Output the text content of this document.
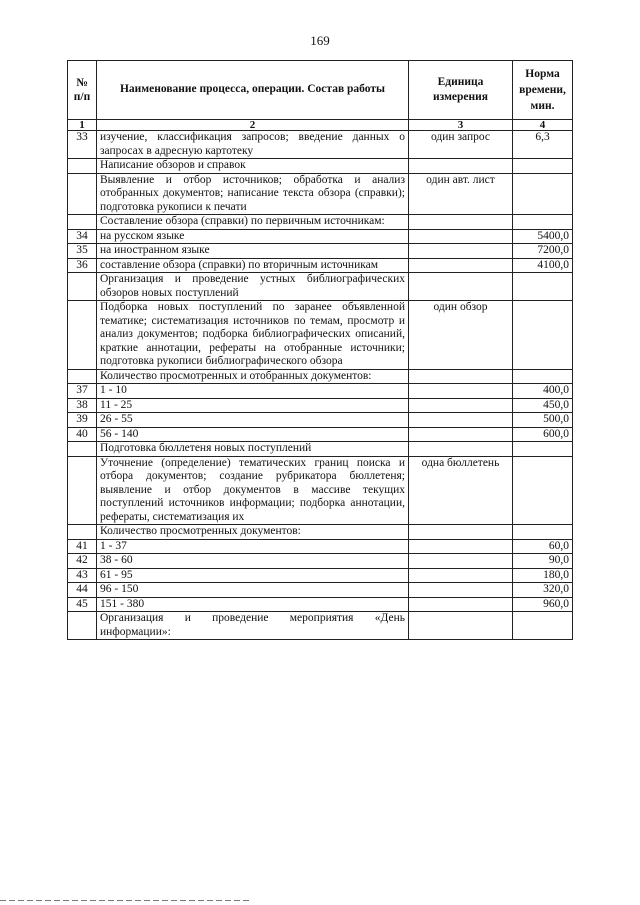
169
№ п/п	Наименование процесса, операции. Состав работы	Единица измерения	Норма времени, мин.
1	2	3	4
33	изучение, классификация запросов; введение данных о запросах в адресную картотеку	один запрос	6,3
	Написание обзоров и справок		
	Выявление и отбор источников; обработка и анализ отобранных документов; написание текста обзора (справки); подготовка рукописи к печати	один авт. лист	
	Составление обзора (справки) по первичным источникам:		
34	на русском языке		5400,0
35	на иностранном языке		7200,0
36	составление обзора (справки) по вторичным источникам		4100,0
	Организация и проведение устных библиографических обзоров новых поступлений		
	Подборка новых поступлений по заранее объявленной тематике; систематизация источников по темам, просмотр и анализ документов; подборка библиографических описаний, краткие аннотации, рефераты на отобранные источники; подготовка рукописи библиографического обзора	один обзор	
	Количество просмотренных и отобранных документов:		
37	1 - 10		400,0
38	11 - 25		450,0
39	26 - 55		500,0
40	56 - 140		600,0
	Подготовка бюллетеня новых поступлений		
	Уточнение (определение) тематических границ поиска и отбора документов; создание рубрикатора бюллетеня; выявление и отбор документов в массиве текущих поступлений источников информации; подборка аннотации, рефераты, систематизация их	одна бюллетень	
	Количество просмотренных документов:		
41	1 - 37		60,0
42	38 - 60		90,0
43	61 - 95		180,0
44	96 - 150		320,0
45	151 - 380		960,0
	Организация и проведение мероприятия «День информации»:		
